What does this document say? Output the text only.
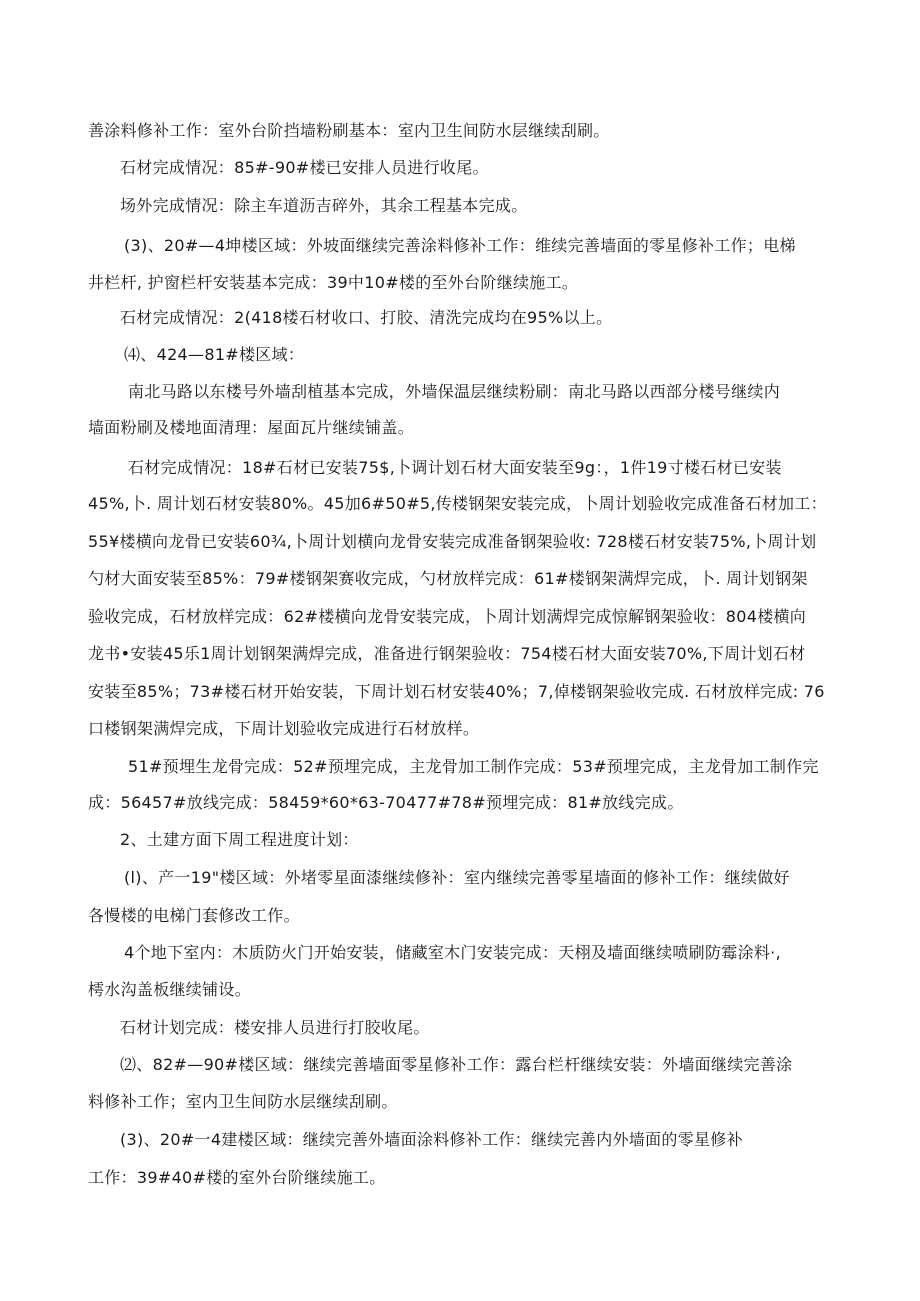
善涂料修补工作：室外台阶挡墙粉刷基本：室内卫生间防水层继续刮刷。

石材完成情况：85#-90#楼已安排人员进行收尾。

场外完成情况：除主车道沥吉碎外，其余工程基本完成。

(3)、20#—4坤楼区域：外坡面继续完善涂料修补工作：维续完善墙面的零星修补工作；电梯

井栏杆, 护窗栏杆安装基本完成：39中10#楼的至外台阶继续施工。

石材完成情况：2(418楼石材收口、打胶、清洗完成均在95%以上。

⑷、424—81#楼区域：

南北马路以东楼号外墙刮植基本完成，外墙保温层继续粉刷：南北马路以西部分楼号继续内

墙面粉刷及楼地面清理：屋面瓦片继续铺盖。

石材完成情况：18#石材已安装75$,卜调计划石材大面安装至9g：，1件19寸楼石材已安装

45%,卜. 周计划石材安装80%。45加6#50#5,传楼钢架安装完成，卜周计划验收完成准备石材加工：

55¥楼横向龙骨已安装60¾,卜周计划横向龙骨安装完成准备钢架验收: 728楼石材安装75%,卜周计划

勺材大面安装至85%：79#楼钢架赛收完成，勺材放样完成：61#楼钢架满焊完成，卜. 周计划钢架

验收完成，石材放样完成：62#楼横向龙骨安装完成，卜周计划满焊完成惊解钢架验收：804楼横向

龙书•安装45乐1周计划钢架满焊完成，准备进行钢架验收：754楼石材大面安装70%,下周计划石材

安装至85%；73#楼石材开始安装，下周计划石材安装40%；7,倬楼钢架验收完成. 石材放样完成: 76

口楼钢架满焊完成，下周计划验收完成进行石材放样。

51#预埋生龙骨完成：52#预埋完成，主龙骨加工制作完成：53#预埋完成，主龙骨加工制作完

成：56457#放线完成：58459*60*63-70477#78#预埋完成：81#放线完成。

2、土建方面下周工程进度计划：

(l)、产一19"楼区域：外堵零星面漆继续修补：室内继续完善零星墙面的修补工作：继续做好

各慢楼的电梯门套修改工作。

4个地下室内：木质防火门开始安装，储藏室木门安装完成：天栩及墙面继续喷刷防霉涂料·,

樗水沟盖板继续铺设。

石材计划完成：楼安排人员进行打胶收尾。

⑵、82#—90#楼区域：继续完善墙面零星修补工作：露台栏杆继续安装：外墙面继续完善涂

料修补工作；室内卫生间防水层继续刮刷。

(3)、20#一4建楼区域：继续完善外墙面涂料修补工作：继续完善内外墙面的零星修补

工作：39#40#楼的室外台阶继续施工。
